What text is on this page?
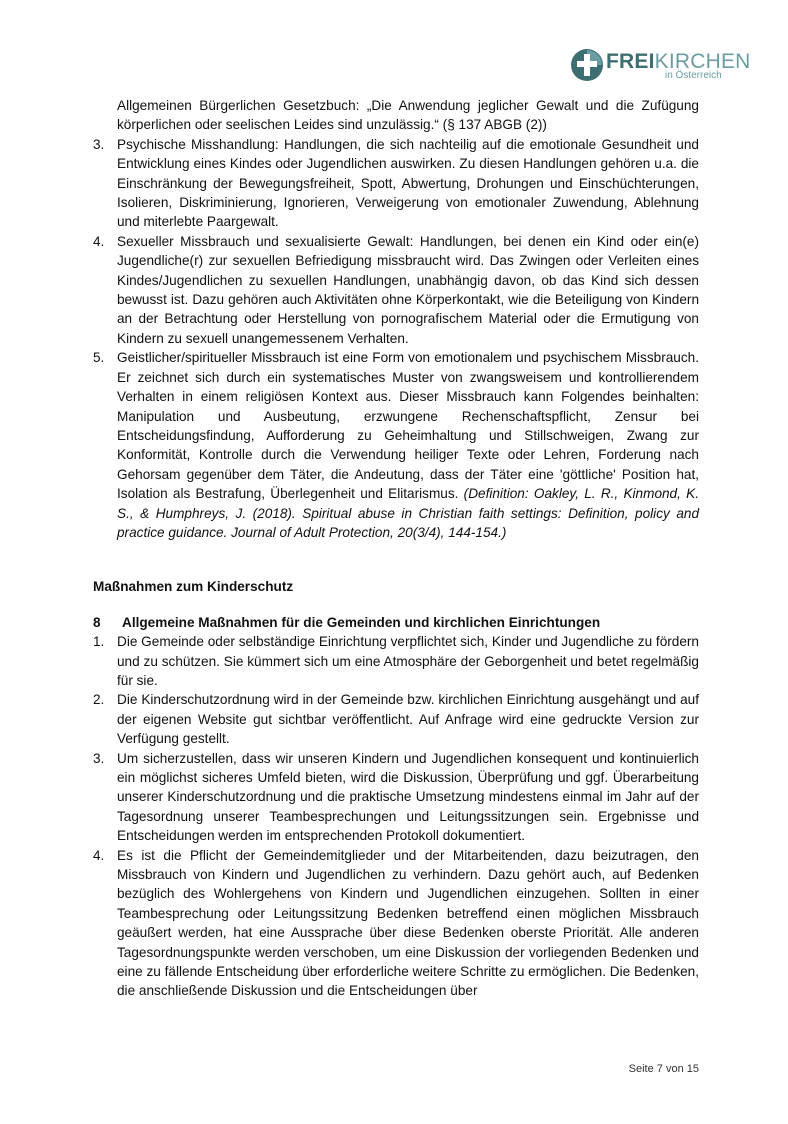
FREIKIRCHEN
in Österreich

Allgemeinen Bürgerlichen Gesetzbuch: „Die Anwendung jeglicher Gewalt und die Zufügung körperlichen oder seelischen Leides sind unzulässig.“ (§ 137 ABGB (2))

3. Psychische Misshandlung: Handlungen, die sich nachteilig auf die emotionale Gesundheit und Entwicklung eines Kindes oder Jugendlichen auswirken. Zu diesen Handlungen gehören u.a. die Einschränkung der Bewegungsfreiheit, Spott, Abwertung, Drohungen und Einschüchterungen, Isolieren, Diskriminierung, Ignorieren, Verweigerung von emotionaler Zuwendung, Ablehnung und miterlebte Paargewalt.
4. Sexueller Missbrauch und sexualisierte Gewalt: Handlungen, bei denen ein Kind oder ein(e) Jugendliche(r) zur sexuellen Befriedigung missbraucht wird. Das Zwingen oder Verleiten eines Kindes/Jugendlichen zu sexuellen Handlungen, unabhängig davon, ob das Kind sich dessen bewusst ist. Dazu gehören auch Aktivitäten ohne Körperkontakt, wie die Beteiligung von Kindern an der Betrachtung oder Herstellung von pornografischem Material oder die Ermutigung von Kindern zu sexuell unangemessenem Verhalten.
5. Geistlicher/spiritueller Missbrauch ist eine Form von emotionalem und psychischem Missbrauch. Er zeichnet sich durch ein systematisches Muster von zwangsweisem und kontrollierendem Verhalten in einem religiösen Kontext aus. Dieser Missbrauch kann Folgendes beinhalten: Manipulation und Ausbeutung, erzwungene Rechenschaftspflicht, Zensur bei Entscheidungsfindung, Aufforderung zu Geheimhaltung und Stillschweigen, Zwang zur Konformität, Kontrolle durch die Verwendung heiliger Texte oder Lehren, Forderung nach Gehorsam gegenüber dem Täter, die Andeutung, dass der Täter eine 'göttliche' Position hat, Isolation als Bestrafung, Überlegenheit und Elitarismus. (Definition: Oakley, L. R., Kinmond, K. S., & Humphreys, J. (2018). Spiritual abuse in Christian faith settings: Definition, policy and practice guidance. Journal of Adult Protection, 20(3/4), 144-154.)
Maßnahmen zum Kinderschutz
8 Allgemeine Maßnahmen für die Gemeinden und kirchlichen Einrichtungen
1. Die Gemeinde oder selbständige Einrichtung verpflichtet sich, Kinder und Jugendliche zu fördern und zu schützen. Sie kümmert sich um eine Atmosphäre der Geborgenheit und betet regelmäßig für sie.
2. Die Kinderschutzordnung wird in der Gemeinde bzw. kirchlichen Einrichtung ausgehängt und auf der eigenen Website gut sichtbar veröffentlicht. Auf Anfrage wird eine gedruckte Version zur Verfügung gestellt.
3. Um sicherzustellen, dass wir unseren Kindern und Jugendlichen konsequent und kontinuierlich ein möglichst sicheres Umfeld bieten, wird die Diskussion, Überprüfung und ggf. Überarbeitung unserer Kinderschutzordnung und die praktische Umsetzung mindestens einmal im Jahr auf der Tagesordnung unserer Teambesprechungen und Leitungssitzungen sein. Ergebnisse und Entscheidungen werden im entsprechenden Protokoll dokumentiert.
4. Es ist die Pflicht der Gemeindemitglieder und der Mitarbeitenden, dazu beizutragen, den Missbrauch von Kindern und Jugendlichen zu verhindern. Dazu gehört auch, auf Bedenken bezüglich des Wohlergehens von Kindern und Jugendlichen einzugehen. Sollten in einer Teambesprechung oder Leitungssitzung Bedenken betreffend einen möglichen Missbrauch geäußert werden, hat eine Aussprache über diese Bedenken oberste Priorität. Alle anderen Tagesordnungspunkte werden verschoben, um eine Diskussion der vorliegenden Bedenken und eine zu fällende Entscheidung über erforderliche weitere Schritte zu ermöglichen. Die Bedenken, die anschließende Diskussion und die Entscheidungen über
Seite 7 von 15
